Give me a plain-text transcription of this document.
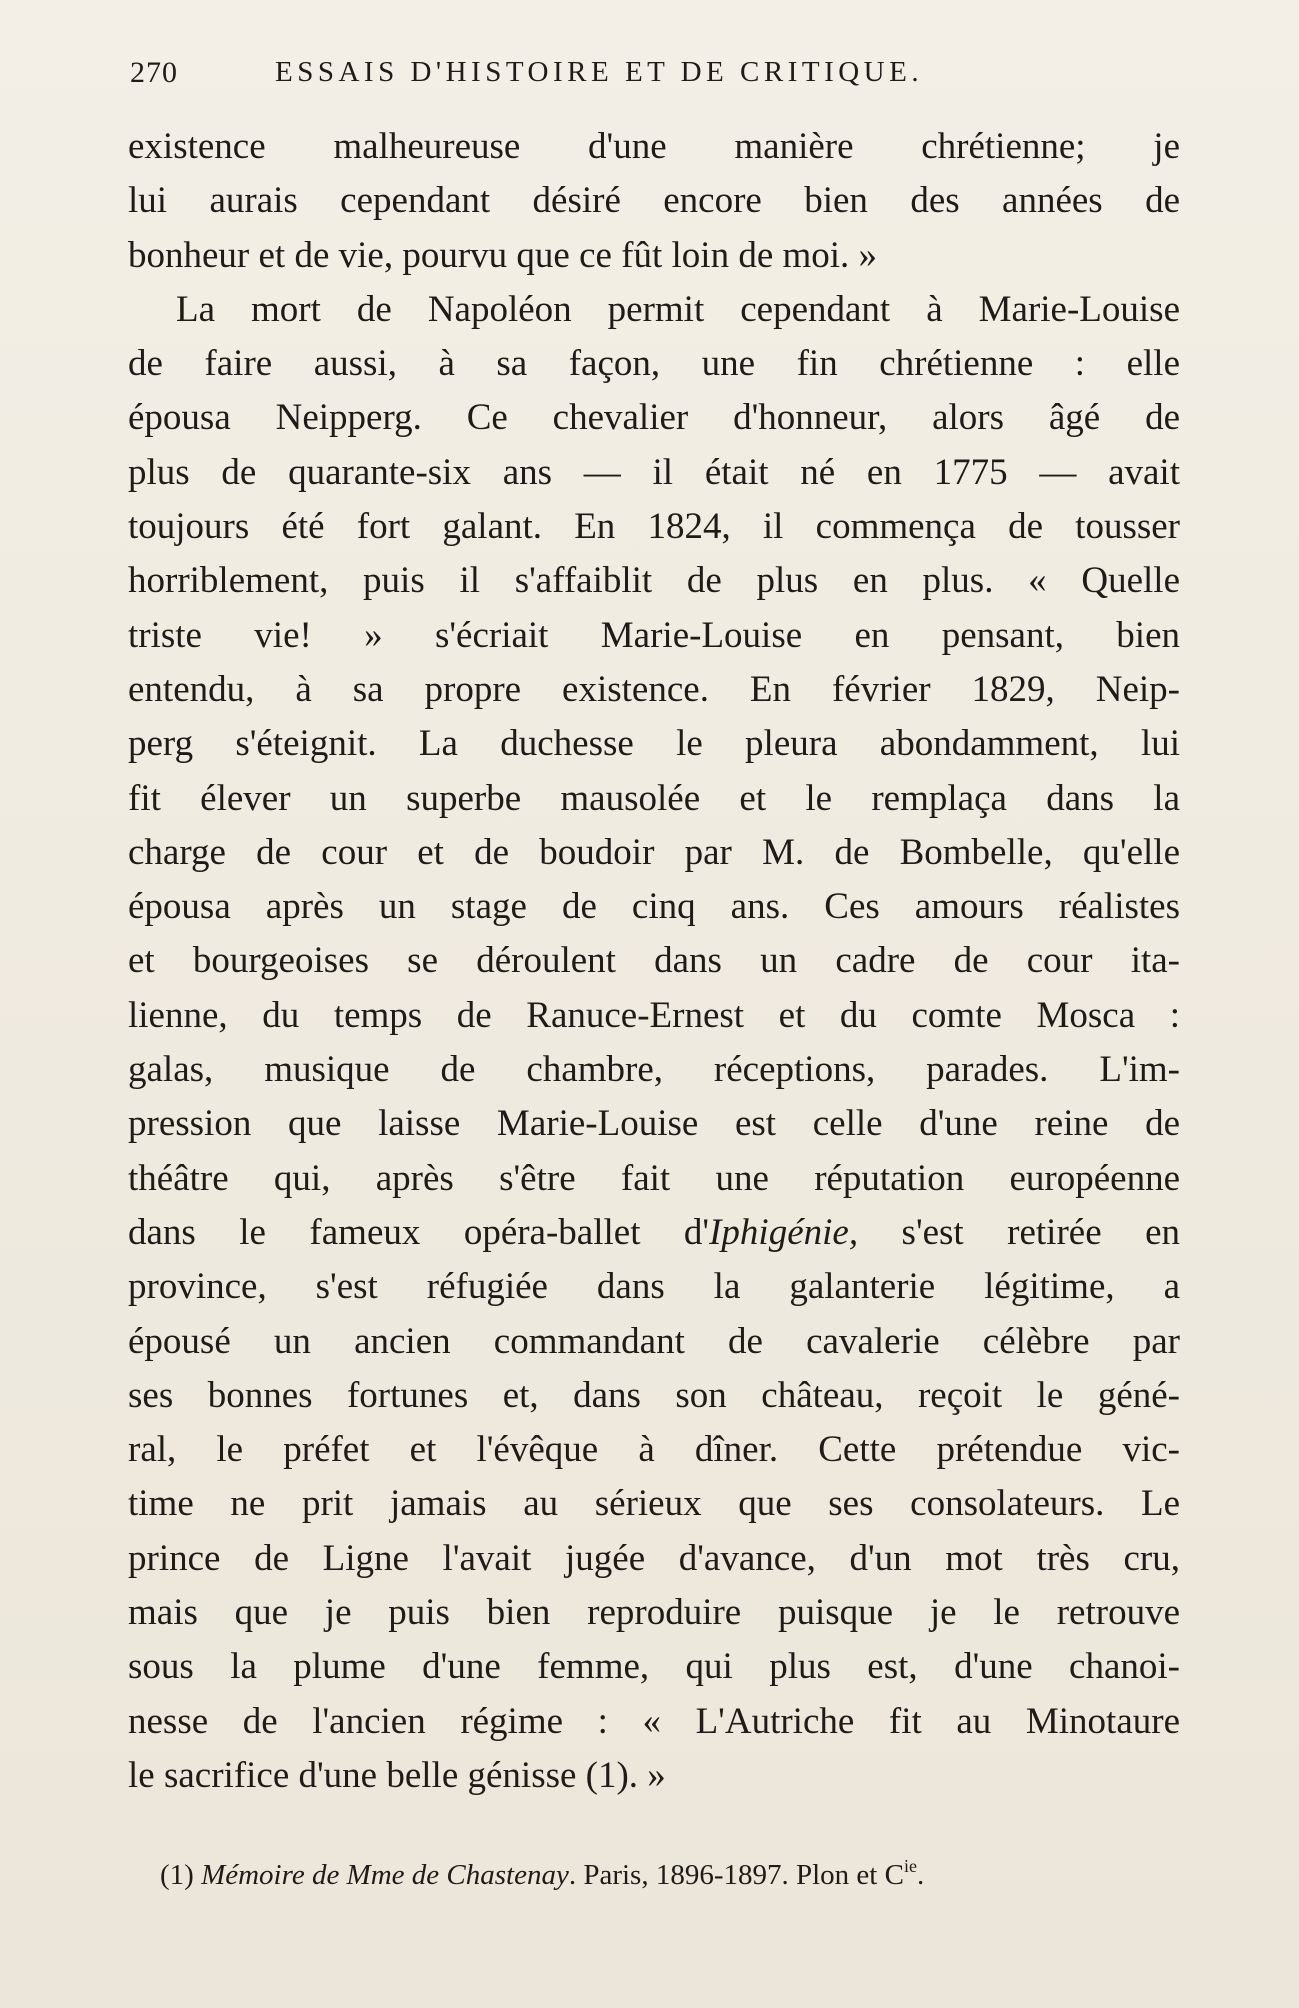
270	ESSAIS D'HISTOIRE ET DE CRITIQUE.
existence malheureuse d'une manière chrétienne; je
lui aurais cependant désiré encore bien des années de
bonheur et de vie, pourvu que ce fût loin de moi. »
La mort de Napoléon permit cependant à Marie-Louise
de faire aussi, à sa façon, une fin chrétienne : elle
épousa Neipperg. Ce chevalier d'honneur, alors âgé de
plus de quarante-six ans — il était né en 1775 — avait
toujours été fort galant. En 1824, il commença de tousser
horriblement, puis il s'affaiblit de plus en plus. « Quelle
triste vie! » s'écriait Marie-Louise en pensant, bien
entendu, à sa propre existence. En février 1829, Neip-
perg s'éteignit. La duchesse le pleura abondamment, lui
fit élever un superbe mausolée et le remplaça dans la
charge de cour et de boudoir par M. de Bombelle, qu'elle
épousa après un stage de cinq ans. Ces amours réalistes
et bourgeoises se déroulent dans un cadre de cour ita-
lienne, du temps de Ranuce-Ernest et du comte Mosca :
galas, musique de chambre, réceptions, parades. L'im-
pression que laisse Marie-Louise est celle d'une reine de
théâtre qui, après s'être fait une réputation européenne
dans le fameux opéra-ballet d'Iphigénie, s'est retirée en
province, s'est réfugiée dans la galanterie légitime, a
épousé un ancien commandant de cavalerie célèbre par
ses bonnes fortunes et, dans son château, reçoit le géné-
ral, le préfet et l'évêque à dîner. Cette prétendue vic-
time ne prit jamais au sérieux que ses consolateurs. Le
prince de Ligne l'avait jugée d'avance, d'un mot très cru,
mais que je puis bien reproduire puisque je le retrouve
sous la plume d'une femme, qui plus est, d'une chanoi-
nesse de l'ancien régime : « L'Autriche fit au Minotaure
le sacrifice d'une belle génisse (1). »
(1) Mémoire de Mme de Chastenay. Paris, 1896-1897. Plon et $C^{ie}$.
